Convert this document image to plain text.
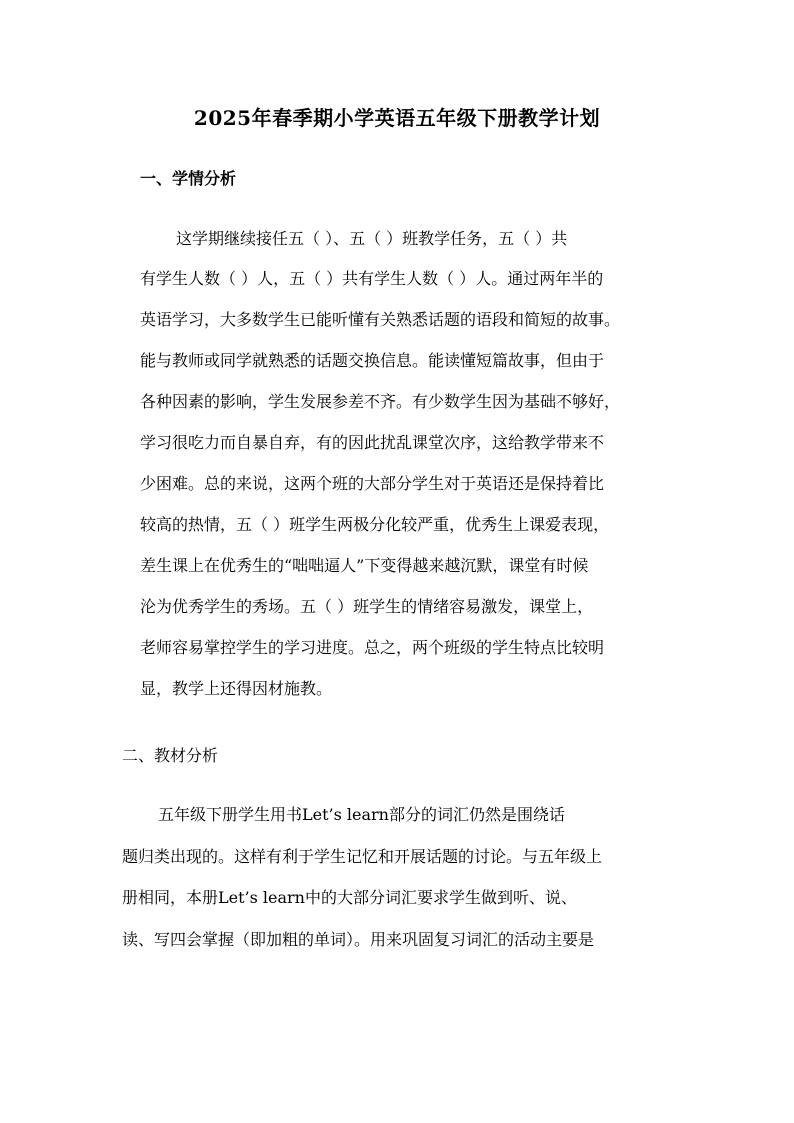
2025年春季期小学英语五年级下册教学计划
一、学情分析
这学期继续接任五（ ）、五（ ）班教学任务，五（ ）共
有学生人数（ ）人，五（ ）共有学生人数（ ）人。通过两年半的
英语学习，大多数学生已能听懂有关熟悉话题的语段和简短的故事。
能与教师或同学就熟悉的话题交换信息。能读懂短篇故事，但由于
各种因素的影响，学生发展参差不齐。有少数学生因为基础不够好，
学习很吃力而自暴自弃，有的因此扰乱课堂次序，这给教学带来不
少困难。总的来说，这两个班的大部分学生对于英语还是保持着比
较高的热情，五（ ）班学生两极分化较严重，优秀生上课爱表现，
差生课上在优秀生的“咄咄逼人”下变得越来越沉默，课堂有时候
沦为优秀学生的秀场。五（ ）班学生的情绪容易激发，课堂上，
老师容易掌控学生的学习进度。总之，两个班级的学生特点比较明
显，教学上还得因材施教。
二、教材分析
五年级下册学生用书Let’s learn部分的词汇仍然是围绕话
题归类出现的。这样有利于学生记忆和开展话题的讨论。与五年级上
册相同，本册Let’s learn中的大部分词汇要求学生做到听、说、
读、写四会掌握（即加粗的单词）。用来巩固复习词汇的活动主要是
